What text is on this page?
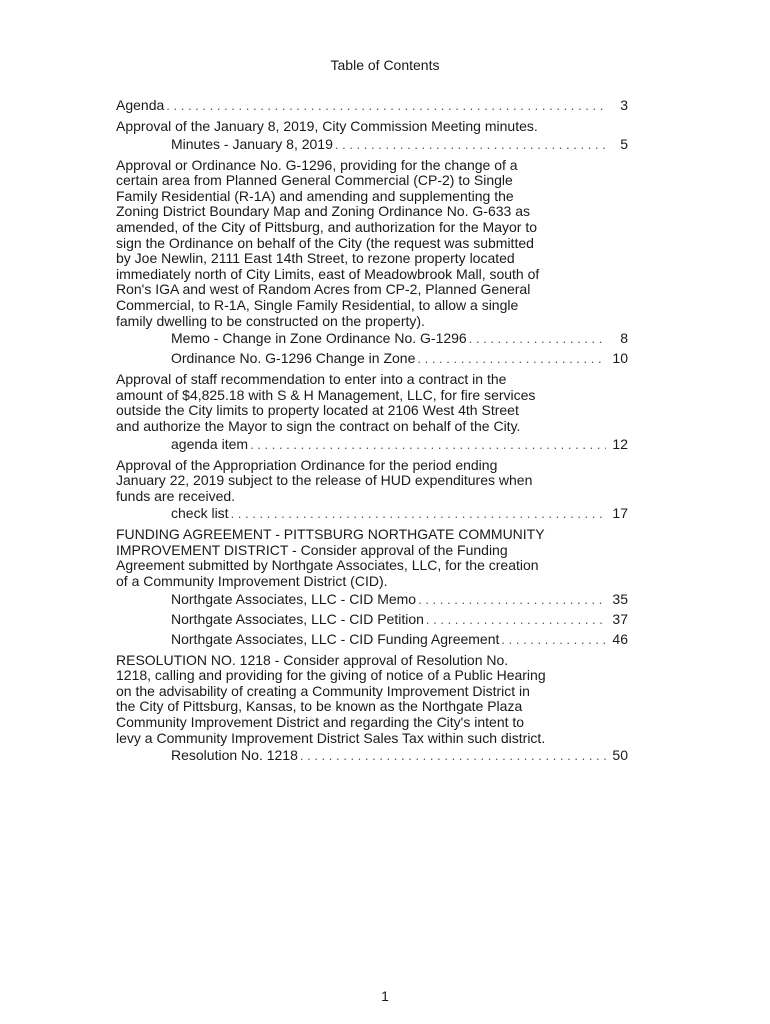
Table of Contents
Agenda . . .	3
Approval of the January 8, 2019, City Commission Meeting minutes.
Minutes - January 8, 2019 . . .	5
Approval or Ordinance No. G-1296, providing for the change of a certain area from Planned General Commercial (CP-2) to Single Family Residential (R-1A) and amending and supplementing the Zoning District Boundary Map and Zoning Ordinance No. G-633 as amended, of the City of Pittsburg, and authorization for the Mayor to sign the Ordinance on behalf of the City (the request was submitted by Joe Newlin, 2111 East 14th Street, to rezone property located immediately north of City Limits, east of Meadowbrook Mall, south of Ron's IGA and west of Random Acres from CP-2, Planned General Commercial, to R-1A, Single Family Residential, to allow a single family dwelling to be constructed on the property).
Memo - Change in Zone Ordinance No. G-1296 . . .	8
Ordinance No. G-1296 Change in Zone . . .	10
Approval of staff recommendation to enter into a contract in the amount of $4,825.18 with S & H Management, LLC, for fire services outside the City limits to property located at 2106 West 4th Street and authorize the Mayor to sign the contract on behalf of the City.
agenda item . . .	12
Approval of the Appropriation Ordinance for the period ending January 22, 2019 subject to the release of HUD expenditures when funds are received.
check list . . .	17
FUNDING AGREEMENT - PITTSBURG NORTHGATE COMMUNITY IMPROVEMENT DISTRICT - Consider approval of the Funding Agreement submitted by Northgate Associates, LLC, for the creation of a Community Improvement District (CID).
Northgate Associates, LLC - CID Memo . . .	35
Northgate Associates, LLC - CID Petition . . .	37
Northgate Associates, LLC - CID Funding Agreement . . .	46
RESOLUTION NO. 1218 - Consider approval of Resolution No. 1218, calling and providing for the giving of notice of a Public Hearing on the advisability of creating a Community Improvement District in the City of Pittsburg, Kansas, to be known as the Northgate Plaza Community Improvement District and regarding the City's intent to levy a Community Improvement District Sales Tax within such district.
Resolution No. 1218 . . .	50
1
